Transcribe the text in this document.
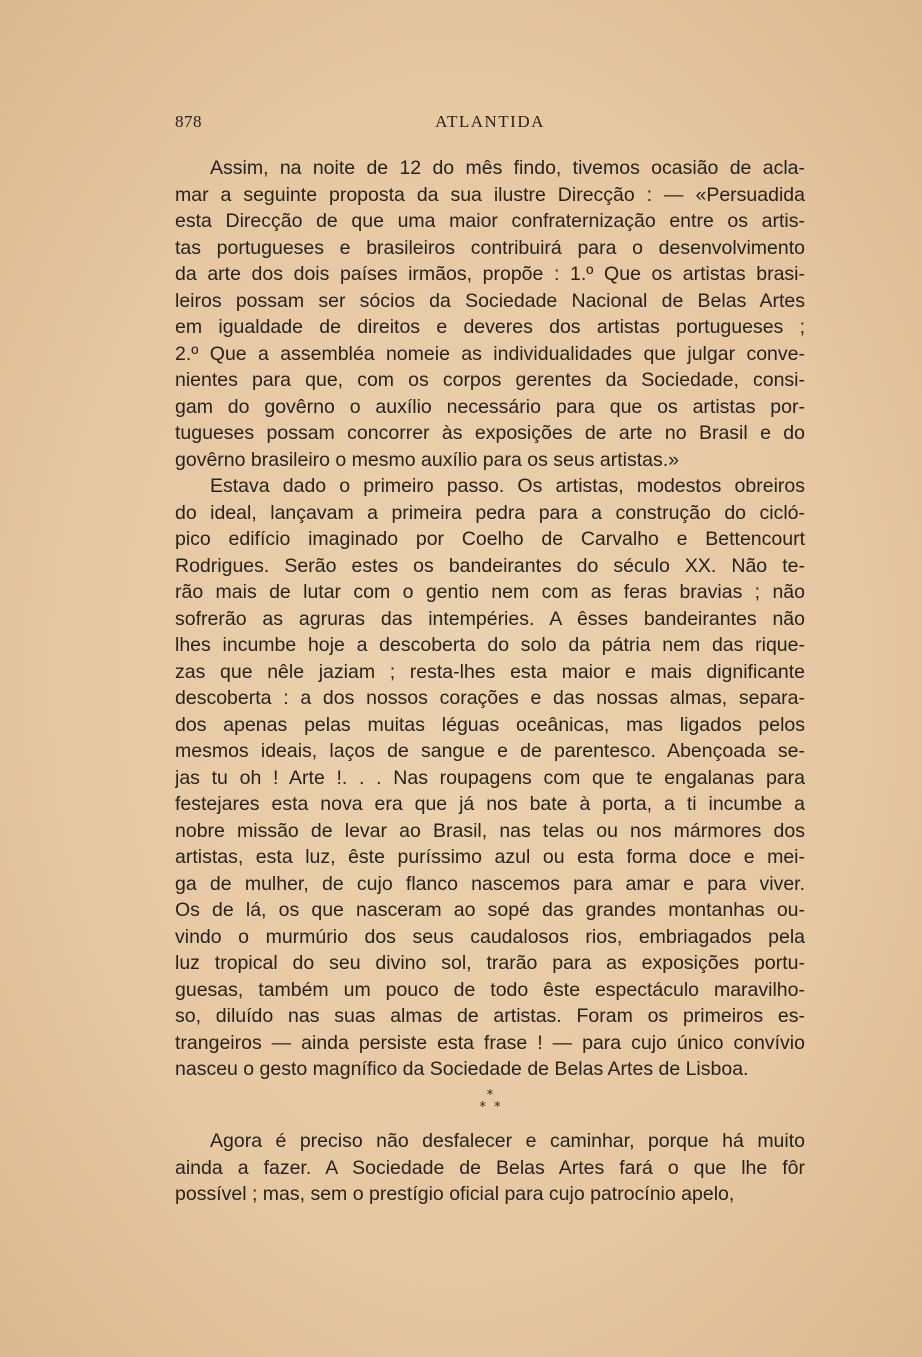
878	ATLANTIDA
Assim, na noite de 12 do mês findo, tivemos ocasião de acla-
mar a seguinte proposta da sua ilustre Direcção : — «Persuadida
esta Direcção de que uma maior confraternização entre os artis-
tas portugueses e brasileiros contribuirá para o desenvolvimento
da arte dos dois países irmãos, propõe : 1.º Que os artistas brasi-
leiros possam ser sócios da Sociedade Nacional de Belas Artes
em igualdade de direitos e deveres dos artistas portugueses ;
2.º Que a assembléa nomeie as individualidades que julgar conve-
nientes para que, com os corpos gerentes da Sociedade, consi-
gam do govêrno o auxílio necessário para que os artistas por-
tugueses possam concorrer às exposições de arte no Brasil e do
govêrno brasileiro o mesmo auxílio para os seus artistas.»
Estava dado o primeiro passo. Os artistas, modestos obreiros
do ideal, lançavam a primeira pedra para a construção do cicló-
pico edifício imaginado por Coelho de Carvalho e Bettencourt
Rodrigues. Serão estes os bandeirantes do século XX. Não te-
rão mais de lutar com o gentio nem com as feras bravias ; não
sofrerão as agruras das intempéries. A êsses bandeirantes não
lhes incumbe hoje a descoberta do solo da pátria nem das rique-
zas que nêle jaziam ; resta-lhes esta maior e mais dignificante
descoberta : a dos nossos corações e das nossas almas, separa-
dos apenas pelas muitas léguas oceânicas, mas ligados pelos
mesmos ideais, laços de sangue e de parentesco. Abençoada se-
jas tu oh ! Arte !. . . Nas roupagens com que te engalanas para
festejares esta nova era que já nos bate à porta, a ti incumbe a
nobre missão de levar ao Brasil, nas telas ou nos mármores dos
artistas, esta luz, êste puríssimo azul ou esta forma doce e mei-
ga de mulher, de cujo flanco nascemos para amar e para viver.
Os de lá, os que nasceram ao sopé das grandes montanhas ou-
vindo o murmúrio dos seus caudalosos rios, embriagados pela
luz tropical do seu divino sol, trarão para as exposições portu-
guesas, também um pouco de todo êste espectáculo maravilho-
so, diluído nas suas almas de artistas. Foram os primeiros es-
trangeiros — ainda persiste esta frase ! — para cujo único convívio
nasceu o gesto magnífico da Sociedade de Belas Artes de Lisboa.
*
**
Agora é preciso não desfalecer e caminhar, porque há muito
ainda a fazer. A Sociedade de Belas Artes fará o que lhe fôr
possível ; mas, sem o prestígio oficial para cujo patrocínio apelo,
